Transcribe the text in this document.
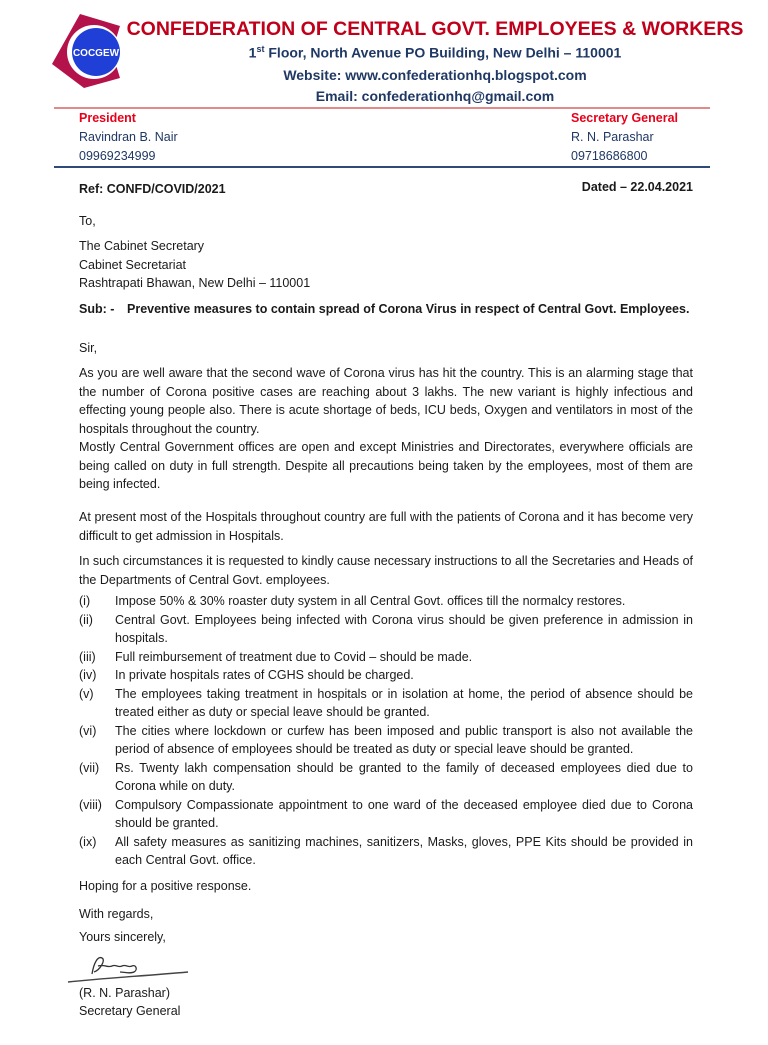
COCGEW
CONFEDERATION OF CENTRAL GOVT. EMPLOYEES & WORKERS
1st Floor, North Avenue PO Building, New Delhi – 110001
Website: www.confederationhq.blogspot.com
Email: confederationhq@gmail.com
President
Ravindran B. Nair
09969234999
Secretary General
R. N. Parashar
09718686800
Ref: CONFD/COVID/2021	Dated – 22.04.2021
To,
The Cabinet Secretary
Cabinet Secretariat
Rashtrapati Bhawan, New Delhi – 110001
Sub: - Preventive measures to contain spread of Corona Virus in respect of Central Govt. Employees.
Sir,
As you are well aware that the second wave of Corona virus has hit the country. This is an alarming stage that the number of Corona positive cases are reaching about 3 lakhs. The new variant is highly infectious and effecting young people also. There is acute shortage of beds, ICU beds, Oxygen and ventilators in most of the hospitals throughout the country.
Mostly Central Government offices are open and except Ministries and Directorates, everywhere officials are being called on duty in full strength. Despite all precautions being taken by the employees, most of them are being infected.
At present most of the Hospitals throughout country are full with the patients of Corona and it has become very difficult to get admission in Hospitals.
In such circumstances it is requested to kindly cause necessary instructions to all the Secretaries and Heads of the Departments of Central Govt. employees.
(i) Impose 50% & 30% roaster duty system in all Central Govt. offices till the normalcy restores.
(ii) Central Govt. Employees being infected with Corona virus should be given preference in admission in hospitals.
(iii) Full reimbursement of treatment due to Covid – should be made.
(iv) In private hospitals rates of CGHS should be charged.
(v) The employees taking treatment in hospitals or in isolation at home, the period of absence should be treated either as duty or special leave should be granted.
(vi) The cities where lockdown or curfew has been imposed and public transport is also not available the period of absence of employees should be treated as duty or special leave should be granted.
(vii) Rs. Twenty lakh compensation should be granted to the family of deceased employees died due to Corona while on duty.
(viii) Compulsory Compassionate appointment to one ward of the deceased employee died due to Corona should be granted.
(ix) All safety measures as sanitizing machines, sanitizers, Masks, gloves, PPE Kits should be provided in each Central Govt. office.
Hoping for a positive response.
With regards,
Yours sincerely,
(R. N. Parashar)
Secretary General
